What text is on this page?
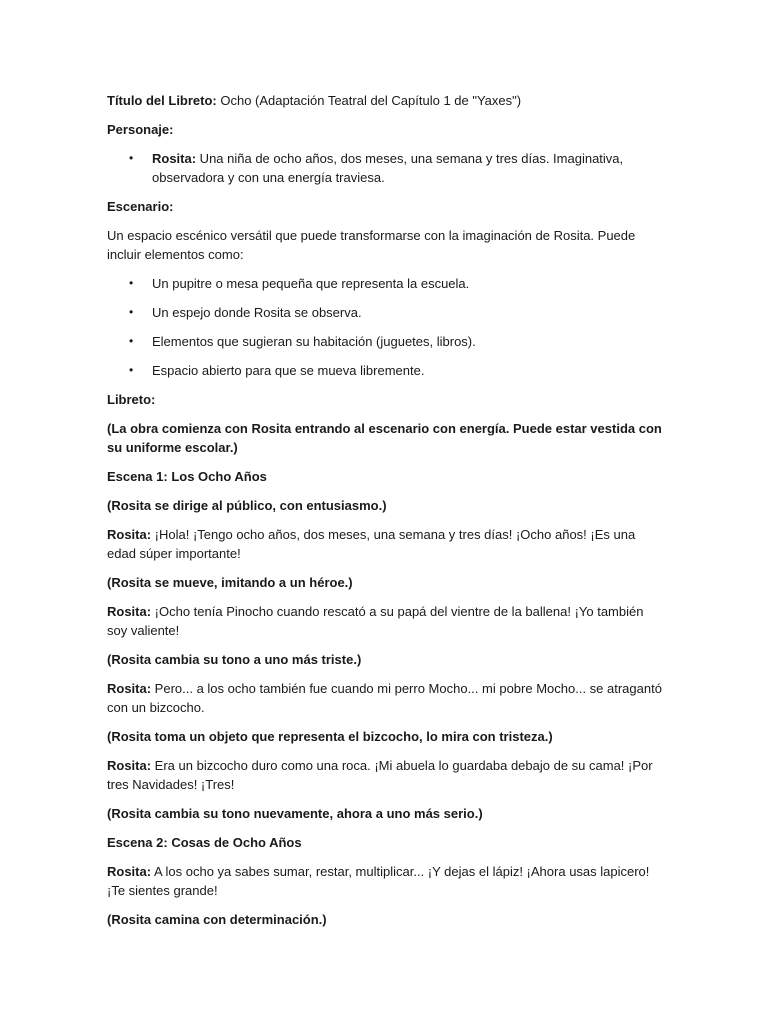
Título del Libreto: Ocho (Adaptación Teatral del Capítulo 1 de "Yaxes")

Personaje:

• Rosita: Una niña de ocho años, dos meses, una semana y tres días. Imaginativa, observadora y con una energía traviesa.

Escenario:

Un espacio escénico versátil que puede transformarse con la imaginación de Rosita. Puede incluir elementos como:

• Un pupitre o mesa pequeña que representa la escuela.
• Un espejo donde Rosita se observa.
• Elementos que sugieran su habitación (juguetes, libros).
• Espacio abierto para que se mueva libremente.

Libreto:

(La obra comienza con Rosita entrando al escenario con energía. Puede estar vestida con su uniforme escolar.)

Escena 1: Los Ocho Años

(Rosita se dirige al público, con entusiasmo.)

Rosita: ¡Hola! ¡Tengo ocho años, dos meses, una semana y tres días! ¡Ocho años! ¡Es una edad súper importante!

(Rosita se mueve, imitando a un héroe.)

Rosita: ¡Ocho tenía Pinocho cuando rescató a su papá del vientre de la ballena! ¡Yo también soy valiente!

(Rosita cambia su tono a uno más triste.)

Rosita: Pero... a los ocho también fue cuando mi perro Mocho... mi pobre Mocho... se atragantó con un bizcocho.

(Rosita toma un objeto que representa el bizcocho, lo mira con tristeza.)

Rosita: Era un bizcocho duro como una roca. ¡Mi abuela lo guardaba debajo de su cama! ¡Por tres Navidades! ¡Tres!

(Rosita cambia su tono nuevamente, ahora a uno más serio.)

Escena 2: Cosas de Ocho Años

Rosita: A los ocho ya sabes sumar, restar, multiplicar... ¡Y dejas el lápiz! ¡Ahora usas lapicero! ¡Te sientes grande!

(Rosita camina con determinación.)
